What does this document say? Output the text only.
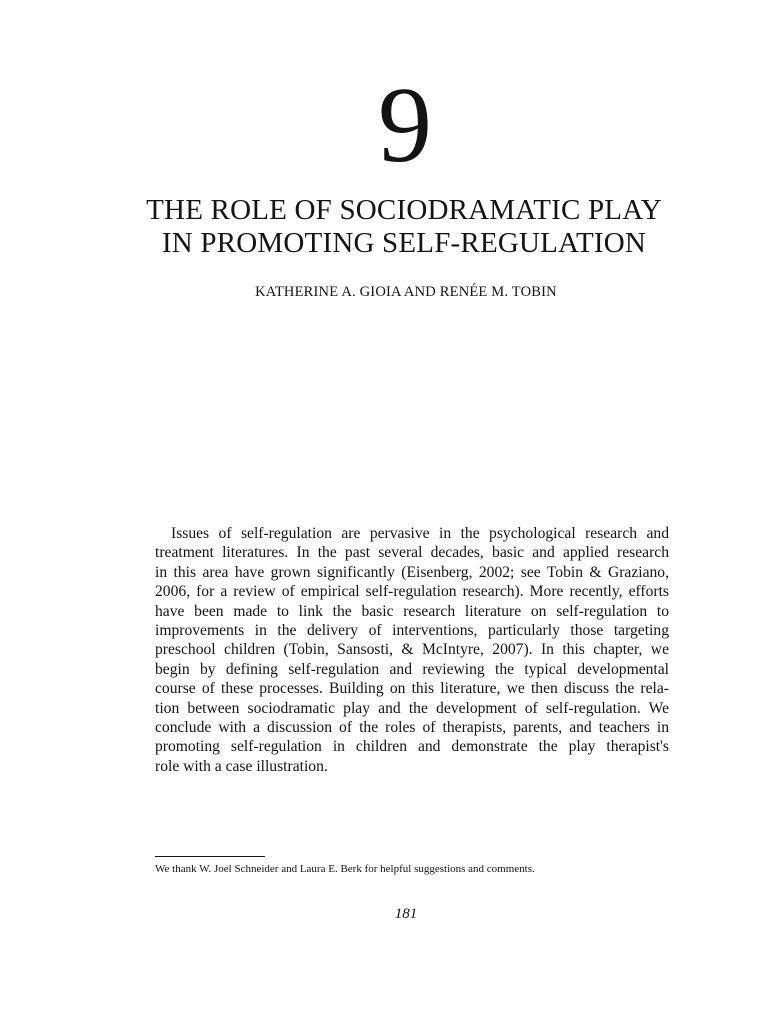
9
THE ROLE OF SOCIODRAMATIC PLAY
IN PROMOTING SELF-REGULATION
KATHERINE A. GIOIA AND RENÉE M. TOBIN

Issues of self-regulation are pervasive in the psychological research and
treatment literatures. In the past several decades, basic and applied research
in this area have grown significantly (Eisenberg, 2002; see Tobin & Graziano,
2006, for a review of empirical self-regulation research). More recently, efforts
have been made to link the basic research literature on self-regulation to
improvements in the delivery of interventions, particularly those targeting
preschool children (Tobin, Sansosti, & McIntyre, 2007). In this chapter, we
begin by defining self-regulation and reviewing the typical developmental
course of these processes. Building on this literature, we then discuss the rela-
tion between sociodramatic play and the development of self-regulation. We
conclude with a discussion of the roles of therapists, parents, and teachers in
promoting self-regulation in children and demonstrate the play therapist's
role with a case illustration.

We thank W. Joel Schneider and Laura E. Berk for helpful suggestions and comments.
181
